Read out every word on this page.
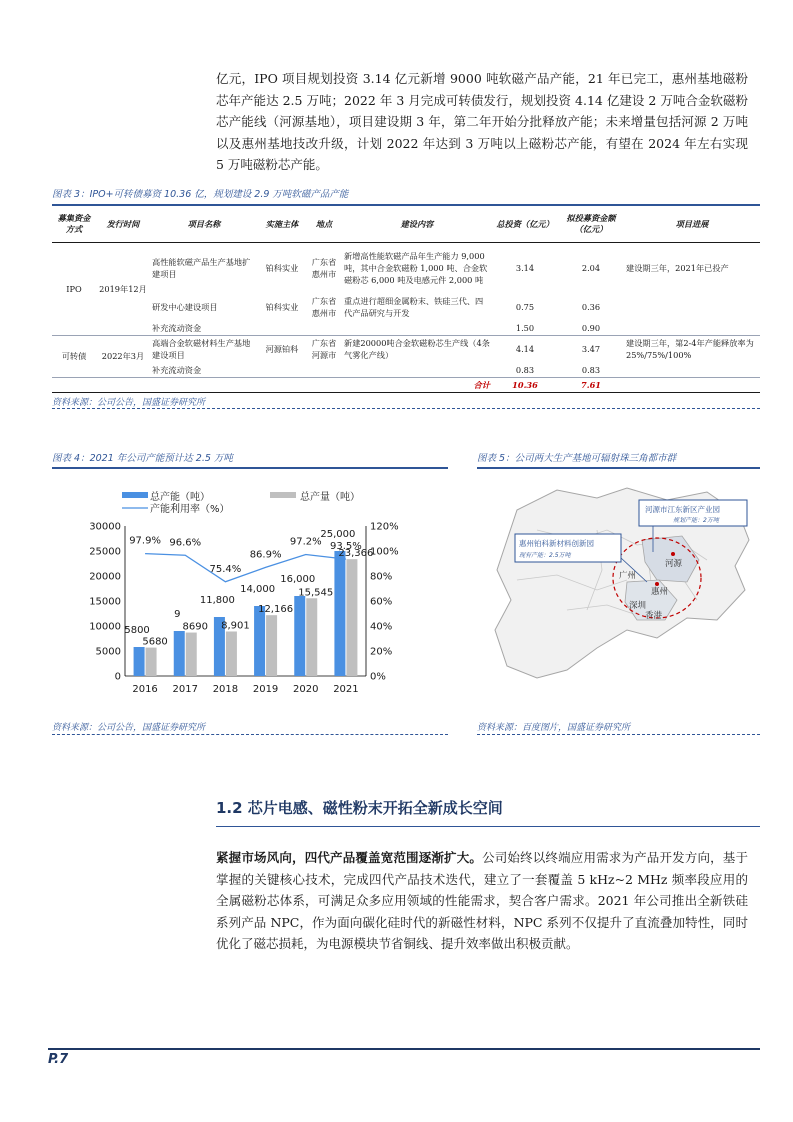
亿元，IPO 项目规划投资 3.14 亿元新增 9000 吨软磁产品产能，21 年已完工，惠州基地磁粉芯年产能达 2.5 万吨；2022 年 3 月完成可转债发行，规划投资 4.14 亿建设 2 万吨合金软磁粉芯产能线（河源基地），项目建设期 3 年，第二年开始分批释放产能；未来增量包括河源 2 万吨以及惠州基地技改升级，计划 2022 年达到 3 万吨以上磁粉芯产能，有望在 2024 年左右实现 5 万吨磁粉芯产能。

图表 3：IPO+可转债募资 10.36 亿，规划建设 2.9 万吨软磁产品产能
募集资金方式	发行时间	项目名称	实施主体	地点	建设内容	总投资（亿元）	拟投募资金额（亿元）	项目进展
IPO	2019年12月	高性能软磁产品生产基地扩建项目	铂科实业	广东省惠州市	新增高性能软磁产品年生产能力 9,000 吨，其中合金软磁粉 1,000 吨、合金软磁粉芯 6,000 吨及电感元件 2,000 吨	3.14	2.04	建设期三年，2021年已投产
		研发中心建设项目	铂科实业	广东省惠州市	重点进行超细金属粉末、铁硅三代、四代产品研究与开发	0.75	0.36	
		补充流动资金				1.50	0.90	
可转债	2022年3月	高端合金软磁材料生产基地建设项目	河源铂科	广东省河源市	新建20000吨合金软磁粉芯生产线（4条气雾化产线）	4.14	3.47	建设期三年，第2-4年产能释放率为25%/75%/100%
		补充流动资金				0.83	0.83	
					合计	10.36	7.61	
资料来源：公司公告，国盛证券研究所
图表 4：2021 年公司产能预计达 2.5 万吨
总产能（吨）	总产量（吨）
产能利用率（%）
0
5000
10000
15000
20000
25000
30000
0%
20%
40%
60%
80%
100%
120%
2016 2017 2018 2019 2020 2021
5800
5680
9
8690
11,800
8,901
14,000
12,166
16,000
15,545
25,000
23,366
97.9% 96.6%
75.4%
86.9%
97.2% 93.5%
资料来源：公司公告，国盛证券研究所
图表 5：公司两大生产基地可辐射珠三角都市群
河源市江东新区产业园
规划产能：2万吨
惠州铂科新材料创新园
现有产能：2.5万吨
河源
广州
惠州
深圳
香港
资料来源：百度图片，国盛证券研究所
1.2 芯片电感、磁性粉末开拓全新成长空间

紧握市场风向，四代产品覆盖宽范围逐渐扩大。公司始终以终端应用需求为产品开发方向，基于掌握的关键核心技术，完成四代产品技术迭代，建立了一套覆盖 5 kHz~2 MHz 频率段应用的全属磁粉芯体系，可满足众多应用领域的性能需求，契合客户需求。2021 年公司推出全新铁硅系列产品 NPC，作为面向碳化硅时代的新磁性材料，NPC 系列不仅提升了直流叠加特性，同时优化了磁芯损耗，为电源模块节省铜线、提升效率做出积极贡献。

P.7
